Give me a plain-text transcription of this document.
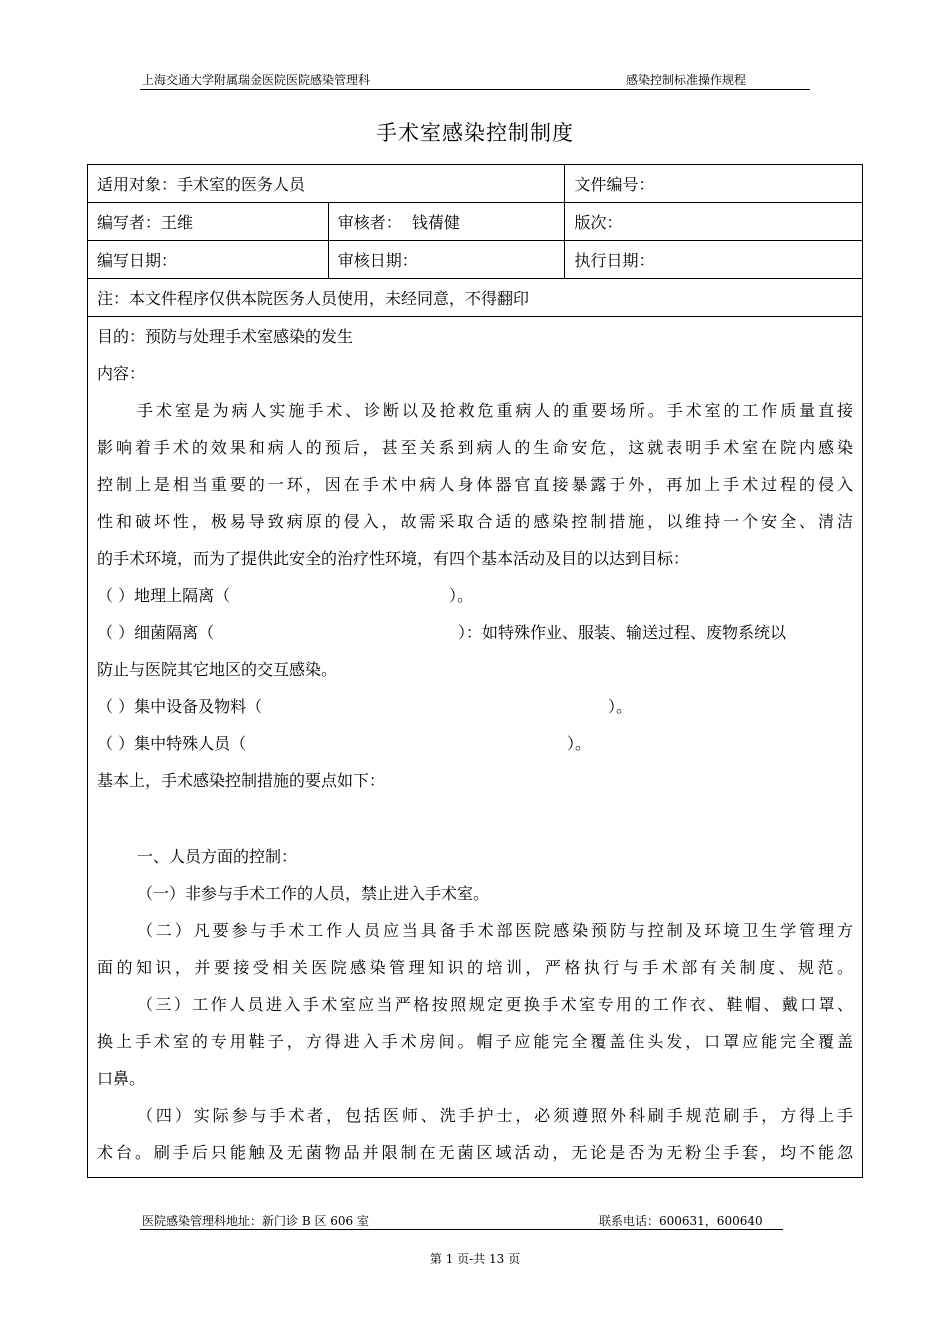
上海交通大学附属瑞金医院医院感染管理科	感染控制标准操作规程
手术室感染控制制度
适用对象：手术室的医务人员		文件编号：
编写者：王维	审核者：  钱蒨健	版次：
编写日期：	审核日期：	执行日期：
注：本文件程序仅供本院医务人员使用，未经同意，不得翻印		
目的：预防与处理手术室感染的发生
内容：
手术室是为病人实施手术、诊断以及抢救危重病人的重要场所。手术室的工作质量直接
影响着手术的效果和病人的预后，甚至关系到病人的生命安危，这就表明手术室在院内感染
控制上是相当重要的一环，因在手术中病人身体器官直接暴露于外，再加上手术过程的侵入
性和破坏性，极易导致病原的侵入，故需采取合适的感染控制措施，以维持一个安全、清洁
的手术环境，而为了提供此安全的治疗性环境，有四个基本活动及目的以达到目标：
（ ）地理上隔离（	）。
（ ）细菌隔离（	）：如特殊作业、服装、输送过程、废物系统以
防止与医院其它地区的交互感染。
（ ）集中设备及物料（	）。
（ ）集中特殊人员（	）。
基本上，手术感染控制措施的要点如下：
一、人员方面的控制：
（一）非参与手术工作的人员，禁止进入手术室。
（二）凡要参与手术工作人员应当具备手术部医院感染预防与控制及环境卫生学管理方
面的知识，并要接受相关医院感染管理知识的培训，严格执行与手术部有关制度、规范。
（三）工作人员进入手术室应当严格按照规定更换手术室专用的工作衣、鞋帽、戴口罩、
换上手术室的专用鞋子，方得进入手术房间。帽子应能完全覆盖住头发，口罩应能完全覆盖
口鼻。
（四）实际参与手术者，包括医师、洗手护士，必须遵照外科刷手规范刷手，方得上手
术台。刷手后只能触及无菌物品并限制在无菌区域活动，无论是否为无粉尘手套，均不能忽
医院感染管理科地址：新门诊 B 区 606 室	联系电话：600631，600640
第 1 页-共 13 页
